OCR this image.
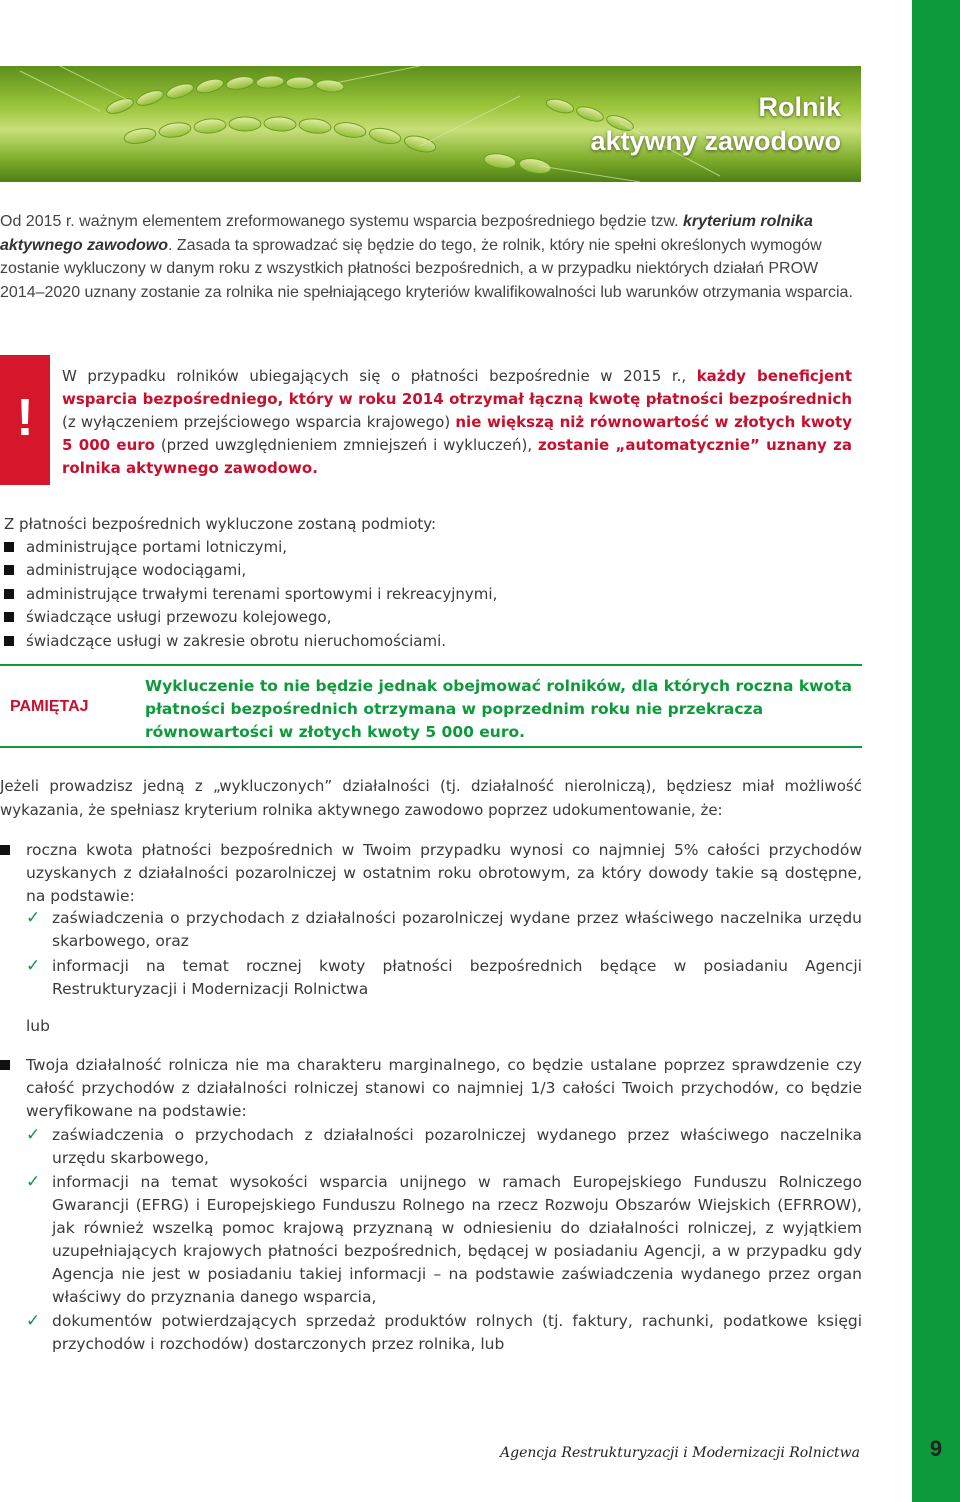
9
Rolnik
aktywny zawodowo
Od 2015 r. ważnym elementem zreformowanego systemu wsparcia bezpośredniego będzie tzw. kryterium rolnika aktywnego zawodowo. Zasada ta sprowadzać się będzie do tego, że rolnik, który nie spełni określonych wymogów zostanie wykluczony w danym roku z wszystkich płatności bezpośrednich, a w przypadku niektórych działań PROW 2014–2020 uznany zostanie za rolnika nie spełniającego kryteriów kwalifikowalności lub warunków otrzymania wsparcia.
!
W przypadku rolników ubiegających się o płatności bezpośrednie w 2015 r., każdy beneficjent wsparcia bezpośredniego, który w roku 2014 otrzymał łączną kwotę płatności bezpośrednich (z wyłączeniem przejściowego wsparcia krajowego) nie większą niż równowartość w złotych kwoty 5 000 euro (przed uwzględnieniem zmniejszeń i wykluczeń), zostanie „automatycznie” uznany za rolnika aktywnego zawodowo.
Z płatności bezpośrednich wykluczone zostaną podmioty:
administrujące portami lotniczymi,
administrujące wodociągami,
administrujące trwałymi terenami sportowymi i rekreacyjnymi,
świadczące usługi przewozu kolejowego,
świadczące usługi w zakresie obrotu nieruchomościami.
PAMIĘTAJ
Wykluczenie to nie będzie jednak obejmować rolników, dla których roczna kwota płatności bezpośrednich otrzymana w poprzednim roku nie przekracza równowartości w złotych kwoty 5 000 euro.
Jeżeli prowadzisz jedną z „wykluczonych” działalności (tj. działalność nierolniczą), będziesz miał możliwość wykazania, że spełniasz kryterium rolnika aktywnego zawodowo poprzez udokumentowanie, że:
roczna kwota płatności bezpośrednich w Twoim przypadku wynosi co najmniej 5% całości przychodów uzyskanych z działalności pozarolniczej w ostatnim roku obrotowym, za który dowody takie są dostępne, na podstawie:
✓ zaświadczenia o przychodach z działalności pozarolniczej wydane przez właściwego naczelnika urzędu skarbowego, oraz
✓ informacji na temat rocznej kwoty płatności bezpośrednich będące w posiadaniu Agencji Restrukturyzacji i Modernizacji Rolnictwa
lub
Twoja działalność rolnicza nie ma charakteru marginalnego, co będzie ustalane poprzez sprawdzenie czy całość przychodów z działalności rolniczej stanowi co najmniej 1/3 całości Twoich przychodów, co będzie weryfikowane na podstawie:
✓ zaświadczenia o przychodach z działalności pozarolniczej wydanego przez właściwego naczelnika urzędu skarbowego,
✓ informacji na temat wysokości wsparcia unijnego w ramach Europejskiego Funduszu Rolniczego Gwarancji (EFRG) i Europejskiego Funduszu Rolnego na rzecz Rozwoju Obszarów Wiejskich (EFRROW), jak również wszelką pomoc krajową przyznaną w odniesieniu do działalności rolniczej, z wyjątkiem uzupełniających krajowych płatności bezpośrednich, będącej w posiadaniu Agencji, a w przypadku gdy Agencja nie jest w posiadaniu takiej informacji – na podstawie zaświadczenia wydanego przez organ właściwy do przyznania danego wsparcia,
✓ dokumentów potwierdzających sprzedaż produktów rolnych (tj. faktury, rachunki, podatkowe księgi przychodów i rozchodów) dostarczonych przez rolnika, lub
Agencja Restrukturyzacji i Modernizacji Rolnictwa
